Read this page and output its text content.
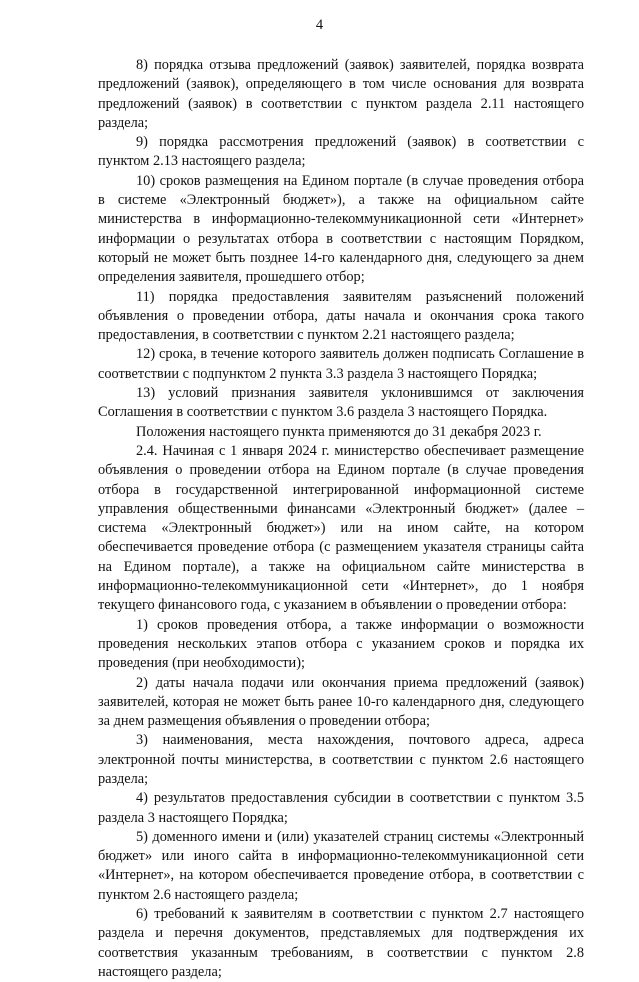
4

8) порядка отзыва предложений (заявок) заявителей, порядка возврата предложений (заявок), определяющего в том числе основания для возврата предложений (заявок) в соответствии с пунктом раздела 2.11 настоящего раздела;

9) порядка рассмотрения предложений (заявок) в соответствии с пунктом 2.13 настоящего раздела;

10) сроков размещения на Едином портале (в случае проведения отбора в системе «Электронный бюджет»), а также на официальном сайте министерства в информационно-телекоммуникационной сети «Интернет» информации о результатах отбора в соответствии с настоящим Порядком, который не может быть позднее 14-го календарного дня, следующего за днем определения заявителя, прошедшего отбор;

11) порядка предоставления заявителям разъяснений положений объявления о проведении отбора, даты начала и окончания срока такого предоставления, в соответствии с пунктом 2.21 настоящего раздела;

12) срока, в течение которого заявитель должен подписать Соглашение в соответствии с подпунктом 2 пункта 3.3 раздела 3 настоящего Порядка;

13) условий признания заявителя уклонившимся от заключения Соглашения в соответствии с пунктом 3.6 раздела 3 настоящего Порядка.

Положения настоящего пункта применяются до 31 декабря 2023 г.

2.4. Начиная с 1 января 2024 г. министерство обеспечивает размещение объявления о проведении отбора на Едином портале (в случае проведения отбора в государственной интегрированной информационной системе управления общественными финансами «Электронный бюджет» (далее – система «Электронный бюджет») или на ином сайте, на котором обеспечивается проведение отбора (с размещением указателя страницы сайта на Едином портале), а также на официальном сайте министерства в информационно-телекоммуникационной сети «Интернет», до 1 ноября текущего финансового года, с указанием в объявлении о проведении отбора:

1) сроков проведения отбора, а также информации о возможности проведения нескольких этапов отбора с указанием сроков и порядка их проведения (при необходимости);

2) даты начала подачи или окончания приема предложений (заявок) заявителей, которая не может быть ранее 10-го календарного дня, следующего за днем размещения объявления о проведении отбора;

3) наименования, места нахождения, почтового адреса, адреса электронной почты министерства, в соответствии с пунктом 2.6 настоящего раздела;

4) результатов предоставления субсидии в соответствии с пунктом 3.5 раздела 3 настоящего Порядка;

5) доменного имени и (или) указателей страниц системы «Электронный бюджет» или иного сайта в информационно-телекоммуникационной сети «Интернет», на котором обеспечивается проведение отбора, в соответствии с пунктом 2.6 настоящего раздела;

6) требований к заявителям в соответствии с пунктом 2.7 настоящего раздела и перечня документов, представляемых для подтверждения их соответствия указанным требованиям, в соответствии с пунктом 2.8 настоящего раздела;
